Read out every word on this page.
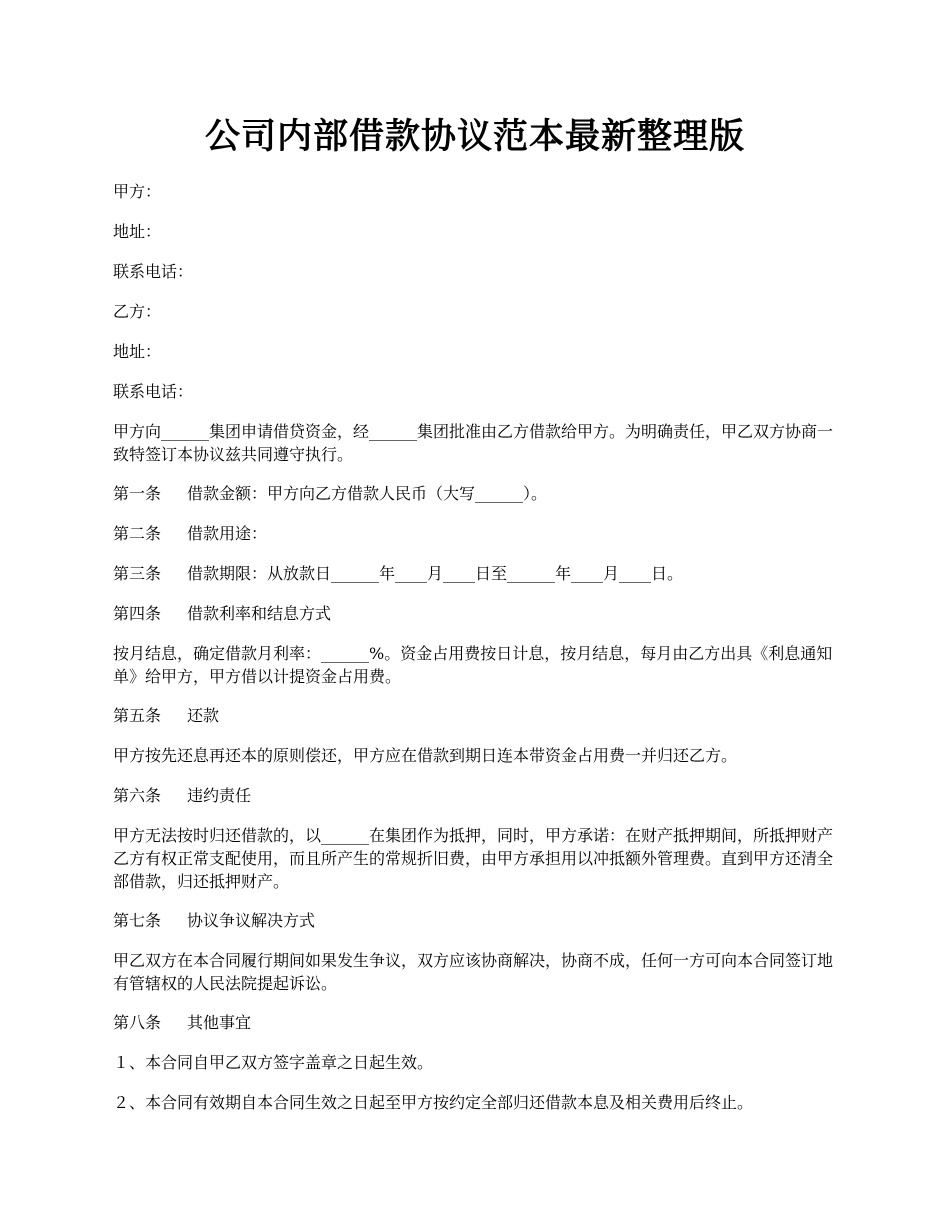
公司内部借款协议范本最新整理版

甲方：

地址：

联系电话：

乙方：

地址：

联系电话：

甲方向______集团申请借贷资金，经______集团批准由乙方借款给甲方。为明确责任，甲乙双方协商一致特签订本协议兹共同遵守执行。

第一条 借款金额：甲方向乙方借款人民币（大写______）。

第二条 借款用途：

第三条 借款期限：从放款日______年____月____日至______年____月____日。

第四条 借款利率和结息方式

按月结息，确定借款月利率：______%。资金占用费按日计息，按月结息，每月由乙方出具《利息通知单》给甲方，甲方借以计提资金占用费。

第五条 还款

甲方按先还息再还本的原则偿还，甲方应在借款到期日连本带资金占用费一并归还乙方。

第六条 违约责任

甲方无法按时归还借款的，以______在集团作为抵押，同时，甲方承诺：在财产抵押期间，所抵押财产乙方有权正常支配使用，而且所产生的常规折旧费，由甲方承担用以冲抵额外管理费。直到甲方还清全部借款，归还抵押财产。

第七条 协议争议解决方式

甲乙双方在本合同履行期间如果发生争议，双方应该协商解决，协商不成，任何一方可向本合同签订地有管辖权的人民法院提起诉讼。

第八条 其他事宜

１、本合同自甲乙双方签字盖章之日起生效。

２、本合同有效期自本合同生效之日起至甲方按约定全部归还借款本息及相关费用后终止。
